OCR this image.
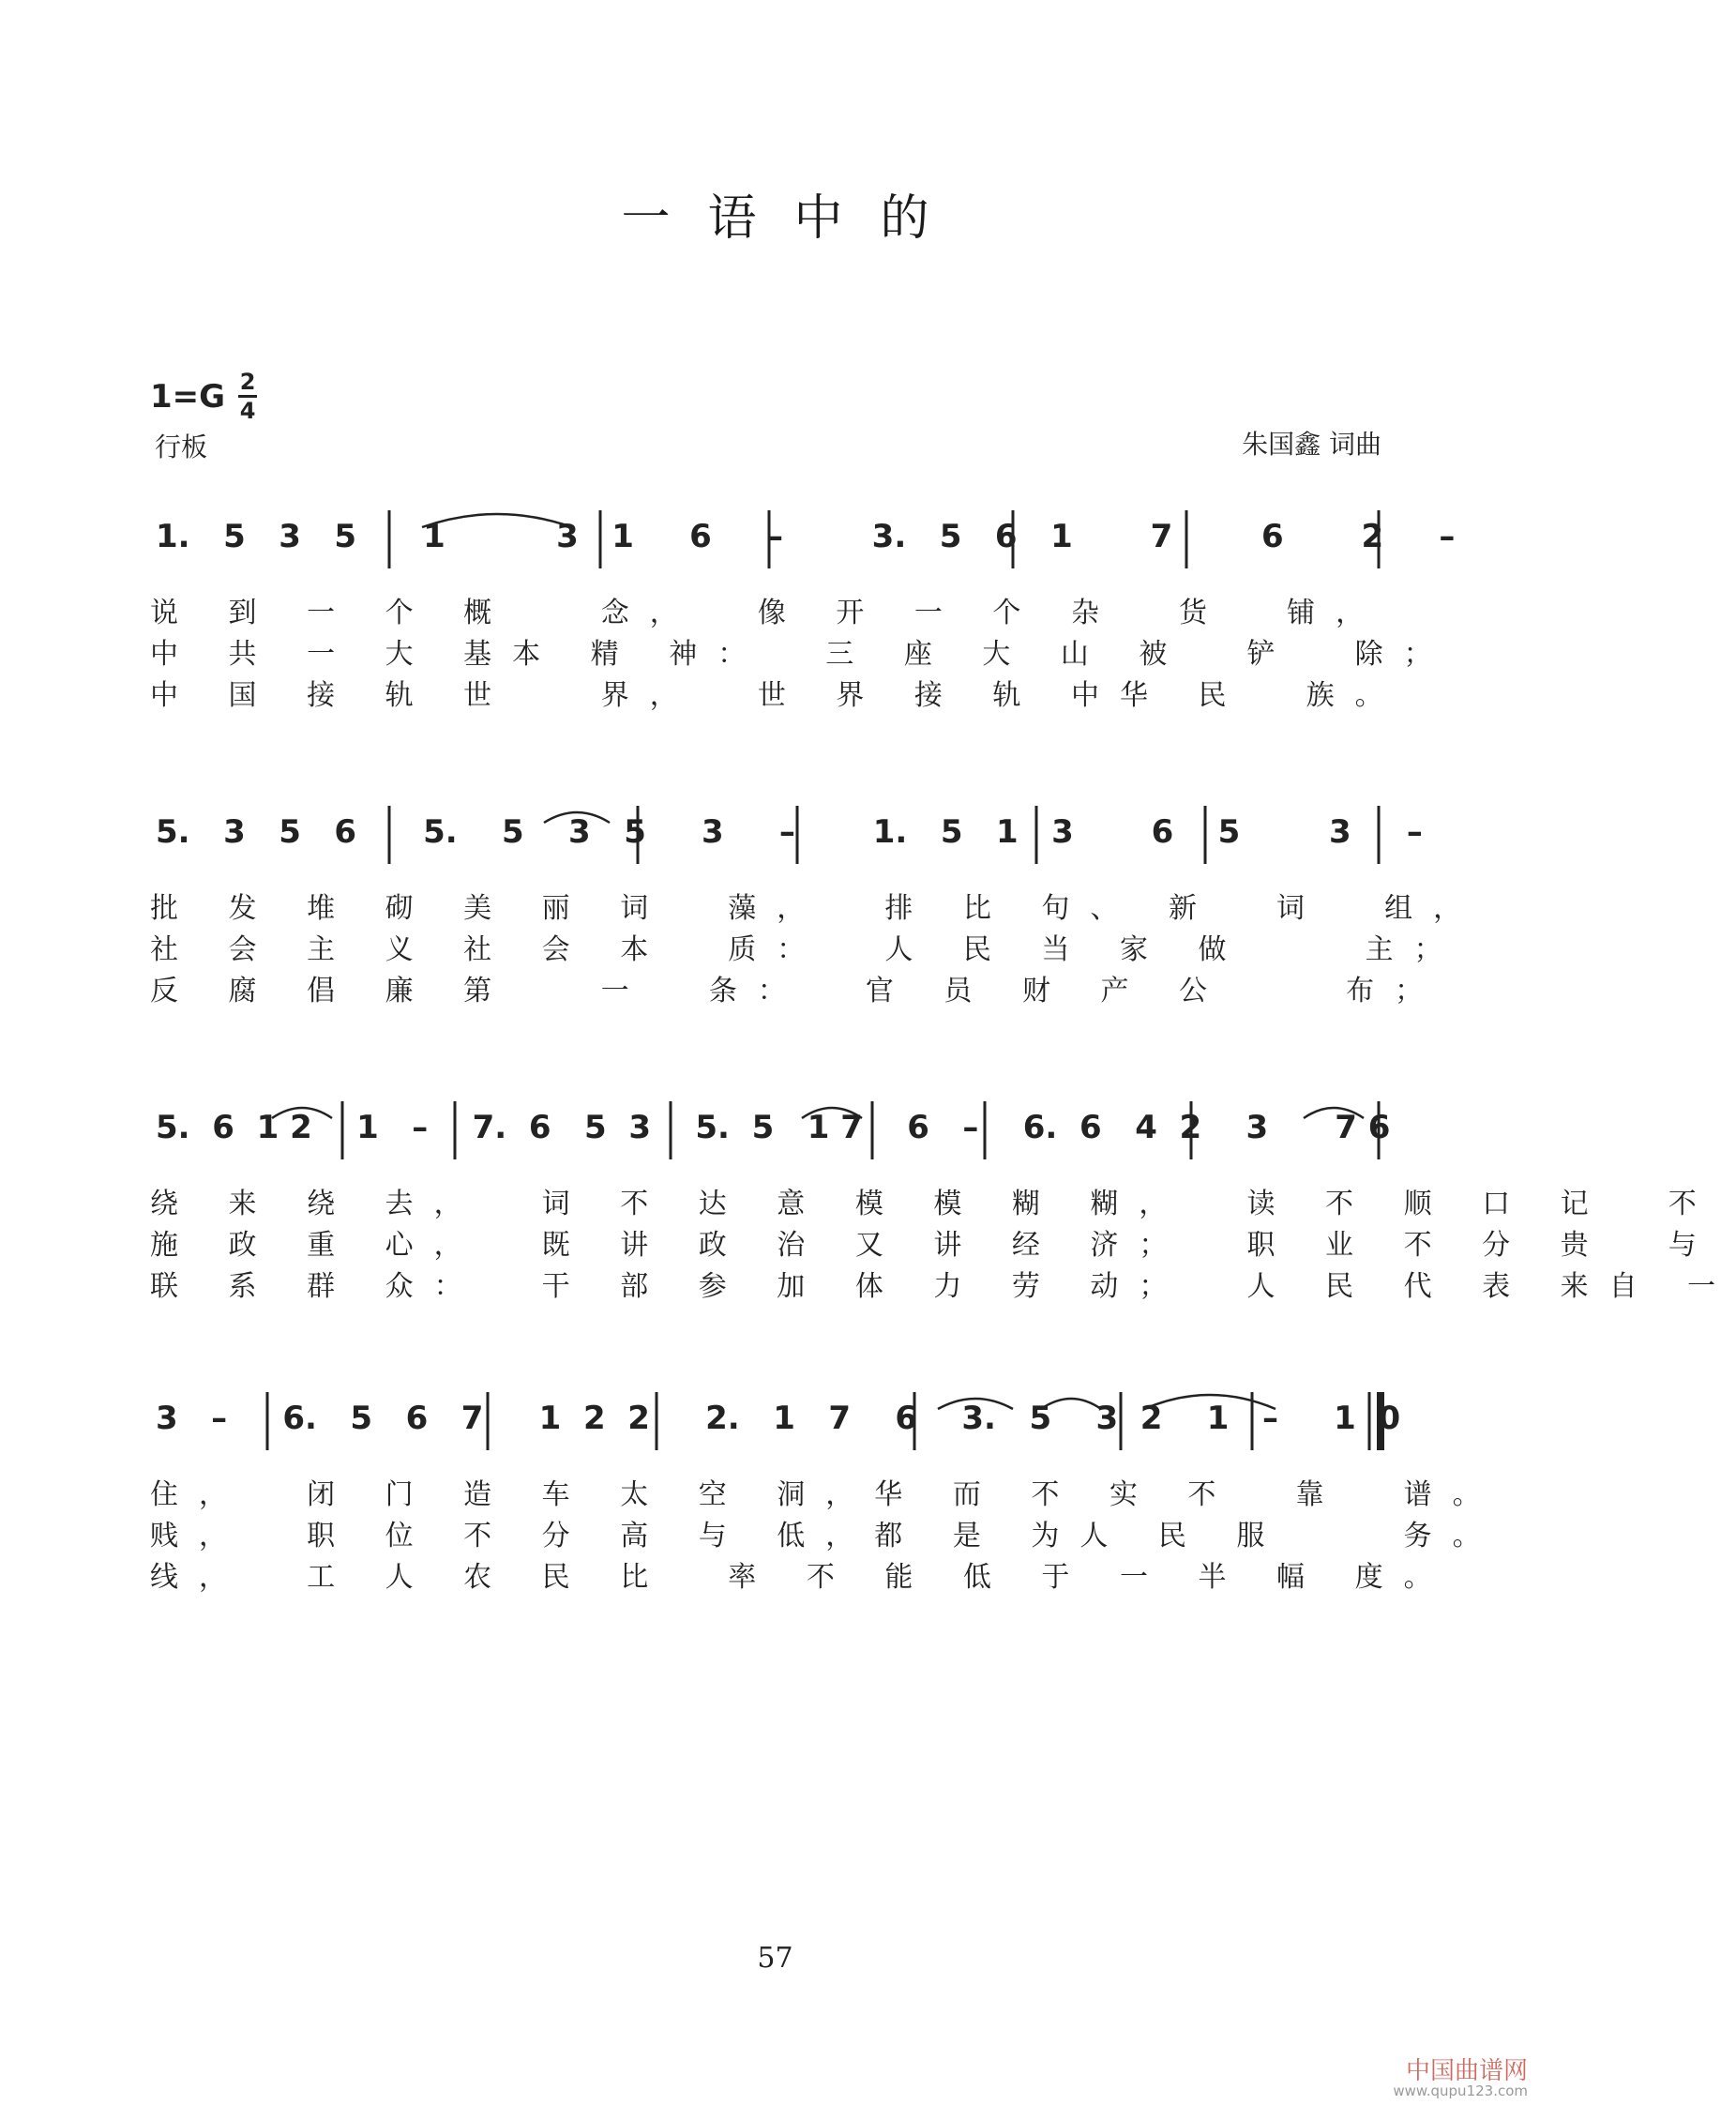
一语中的
1=G 2
4
行板	朱国鑫 词曲
1.   5   3   5      1          3   1     6     –        3.   5   6   1       7        6       2     –
说 到 一 个 概   念，  像 开 一 个 杂  货  铺，
中 共 一 大 基本 精 神：  三 座 大 山 被  铲  除；
中 国 接 轨 世   界，  世 界 接 轨 中华 民  族。
5.   3   5   6      5.    5    3   5     3     –       1.   5   1   3       6    5        3     –
批 发 堆 砌 美 丽 词  藻，  排 比 句、 新  词  组，
社 会 主 义 社 会 本  质：  人 民 当 家 做    主；
反 腐 倡 廉 第   一  条：  官 员 财 产 公    布；
5.  6  1 2    1   –    7.  6   5  3    5.  5   1 7    6   –    6.  6   4  2    3      7 6
绕 来 绕 去，  词 不 达 意 模 模 糊 糊，  读 不 顺 口 记  不
施 政 重 心，  既 讲 政 治 又 讲 经 济；  职 业 不 分 贵  与
联 系 群 众：  干 部 参 加 体 力 劳 动；  人 民 代 表 来自 一
3   –     6.   5   6   7     1  2  2     2.   1   7    6    3.   5    3  2    1   –     1  0
住，  闭 门 造 车 太 空 洞，华 而 不 实 不  靠  谱。
贱，  职 位 不 分 高 与 低，都 是 为人 民 服    务。
线，  工 人 农 民 比  率 不 能 低 于 一 半 幅 度。
57
中国曲谱网
www.qupu123.com
